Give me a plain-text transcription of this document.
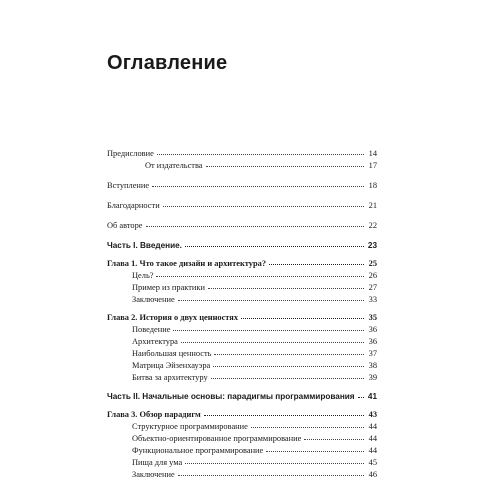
Оглавление
Предисловие	14
От издательства	17
Вступление	18
Благодарности	21
Об авторе	22
Часть I. Введение.	23
Глава 1. Что такое дизайн и архитектура?	25
Цель?	26
Пример из практики	27
Заключение	33
Глава 2. История о двух ценностях	35
Поведение	36
Архитектура	36
Наибольшая ценность	37
Матрица Эйзенхауэра	38
Битва за архитектуру	39
Часть II. Начальные основы: парадигмы программирования 41
Глава 3. Обзор парадигм	43
Структурное программирование	44
Объектно-ориентированное программирование	44
Функциональное программирование	44
Пища для ума	45
Заключение	46
